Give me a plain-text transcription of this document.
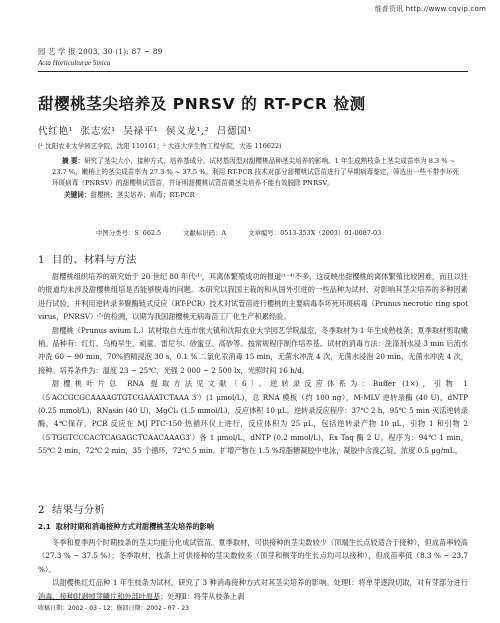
维普资讯 http://www.cqvip.com
园 艺 学 报 2003, 30 (1): 87 ~ 89
Acta Horticulturae Sinica
甜樱桃茎尖培养及 PNRSV 的 RT-PCR 检测
代红艳¹ 张志宏¹ 吴禄平¹ 侯义龙¹,² 吕德国¹
(¹ 沈阳农业大学园艺学院，沈阳 110161；² 大连大学生物工程学院，大连 116622)

摘 要：研究了茎尖大小、接种方式、培养基成分、试材基因型对甜樱桃品种茎尖培养的影响。1 年生成熟枝条上茎尖成苗率为 8.3 % ~ 23.7 %，嫩梢上的茎尖成苗率为 27.3 % ~ 37.5 %。利用 RT-PCR 技术对部分甜樱桃试管苗进行了早期病毒鉴定，筛选出一些不带李坏死环斑病毒（PNRSV）的甜樱桃试管苗，并证明甜樱桃试管苗微茎尖培养不能有效脱除 PNRSV。

关键词：甜樱桃；茎尖培养；病毒；RT-PCR
中图分类号：S 662.5	文献标识码：A	文章编号：0513-353X（2003）01-0087-03
1 目的、材料与方法

甜樱桃组织培养的研究始于 20 世纪 80 年代⁽¹⁾，其离体繁殖成功的报道⁽¹⁻⁴⁾不多，这反映出甜樱桃的离体繁殖比较困难，而且以往的报道均未涉及甜樱桃组培是否能够脱毒的问题。本研究以我国主栽的和从国外引进的一些品种为试材，对影响其茎尖培养的多种因素进行试验，并利用逆转录多聚酶链式反应（RT-PCR）技术对试管苗进行樱桃的主要病毒李坏死环斑病毒（Prunus necrotic ring spot virus，PNRSV）⁽⁵⁾的检测，以期为我国甜樱桃无病毒苗工厂化生产积累经验。

甜樱桃（Prunus avium L.）试材取自大连市旅大镇和沈阳农业大学园艺学院温室，冬季取材为 1 年生成熟枝条；夏季取材剪取嫩梢。品种有：红灯、乌梅早生、顽童、雷尼尔、砂蜜豆、高砂等。按常规程序制作培养基。试材的消毒方法：洗涤剂水浸 3 min 后流水冲洗 60 ~ 90 min，70%酒精浸泡 30 s，0.1 % 二氯化汞消毒 15 min，无菌水冲洗 4 次，无菌水浸泡 20 min，无菌水冲洗 4 次，接种。培养条件为：温度 23 ~ 25℃，光强 2 000 ~ 2 500 lx，光照时间 16 h/d。

甜樱桃叶片总 RNA 提取方法见文献〔6〕。逆转录反应体系为：Buffer (1×)，引物 1（5′ACCGCGCAAAAGTGTCGAAATCTAAA 3′）(1 μmol/L)，总 RNA 模板（约 100 ng），M-MLV 逆转录酶 (40 U)，dNTP (0.25 mmol/L)，RNasin (40 U)，MgCl₂ (1.5 mmol/L)，反应体积 10 μL。逆转录反应程序：37℃ 2 h，95℃ 5 min 灭活逆转录酶，4℃保存。PCR 反应在 MJ PTC-150 热循环仪上进行，反应体积为 25 μL，包括逆转录产物 10 μL，引物 1 和引物 2（5′TGGTCCCACTCAGAGCTCAACAAAG3′）各 1 μmol/L，dNTP (0.2 mmol/L)，Ex Taq 酶 2 U。程序为：94℃ 1 min，55℃ 2 min，72℃ 2 min，35 个循环，72℃ 5 min。扩增产物在 1.5 %琼脂糖凝胶中电泳，凝胶中含溴乙锭，浓度 0.5 μg/mL。

2 结果与分析
2.1 取材时期和消毒接种方式对甜樱桃茎尖培养的影响

冬季和夏季两个时期枝条的茎尖均能分化成试管苗。夏季取材，可供接种的茎尖数较少（顶端生长点较适合于接种），但成苗率较高（27.3 % ~ 37.5 %）；冬季取材，枝条上可供接种的茎尖数较多（顶芽和侧芽的生长点均可以接种），但成苗率低（8.3 % ~ 23.7 %）。

以甜樱桃红灯品种 1 年生枝条为试材，研究了 3 种消毒接种方式对其茎尖培养的影响。处理Ⅰ：将单芽逐段切取，对有芽部分进行消毒，接种时剥掉芽鳞片和外部叶原基；处理Ⅱ：将芽从枝条上剥

收稿日期：2002 - 03 - 12；修回日期：2002 - 07 - 23
